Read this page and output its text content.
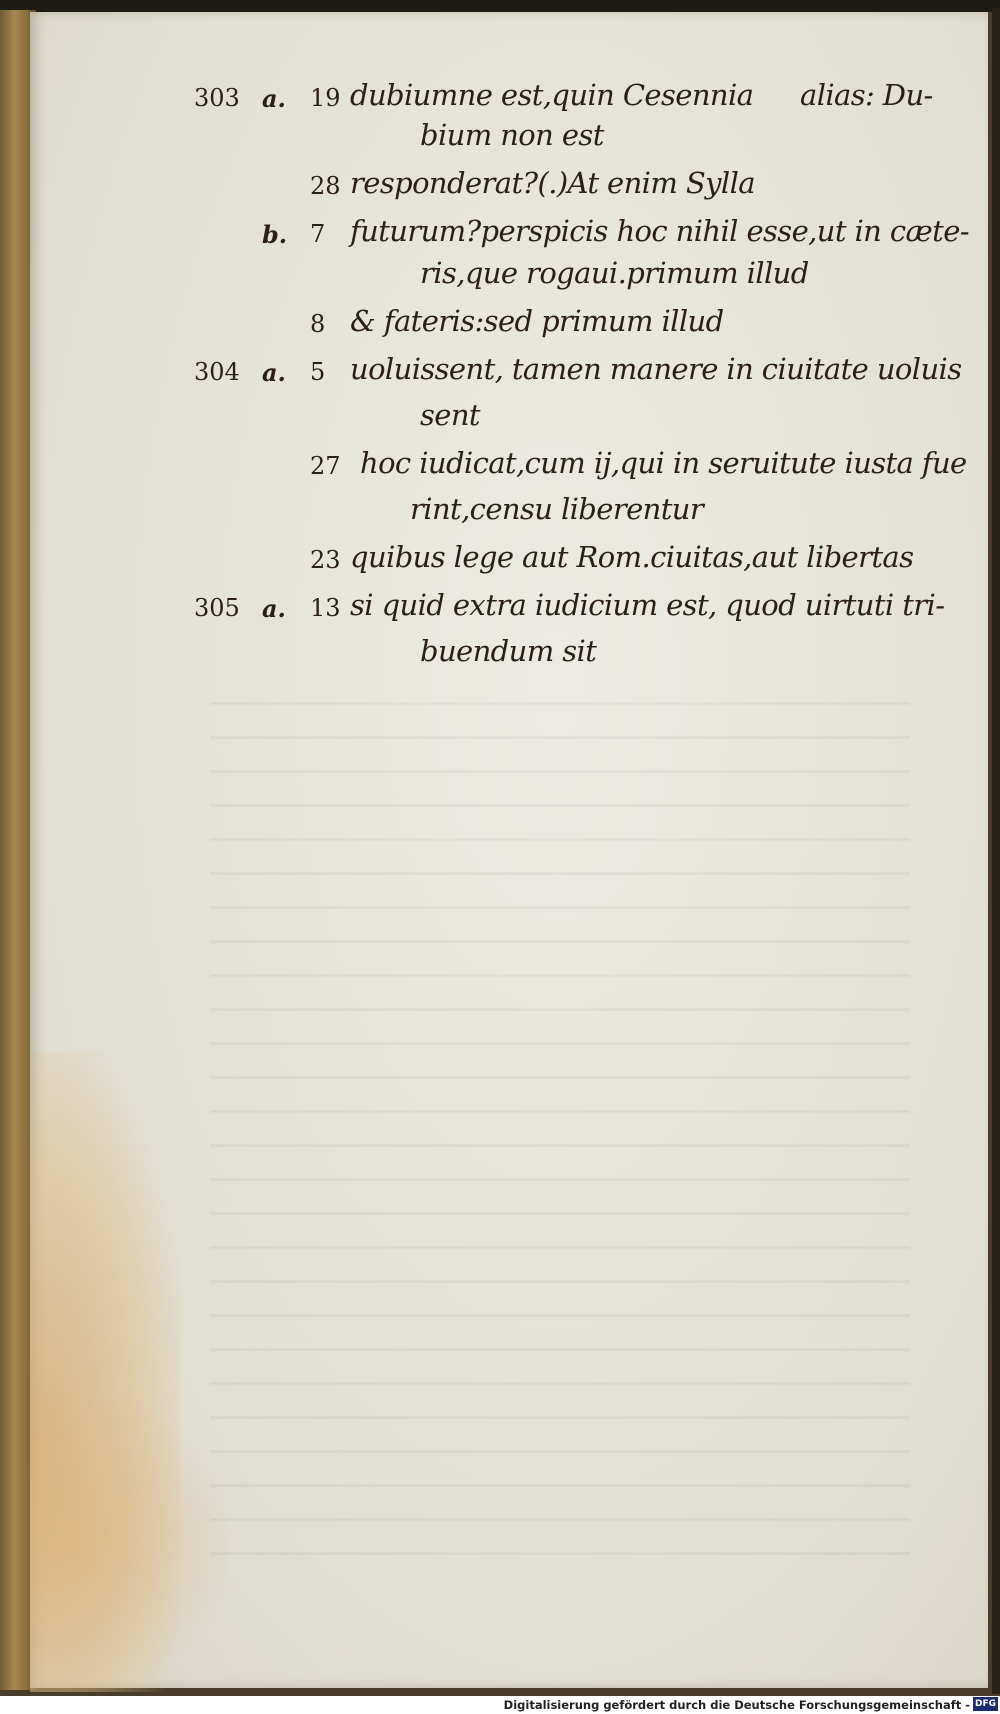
303 a. 19 dubiumne est,quin Cesennia alias: Du-
bium non est
28 responderat?(.)At enim Sylla
b. 7 futurum?perspicis hoc nihil esse,ut in cæte-
ris,que rogaui.primum illud
8 & fateris:sed primum illud
304 a. 5 uoluissent, tamen manere in ciuitate uoluis
sent
27 hoc iudicat,cum ij,qui in seruitute iusta fue
rint,censu liberentur
23 quibus lege aut Rom.ciuitas,aut libertas
305 a. 13 si quid extra iudicium est, quod uirtuti tri-
buendum sit
Digitalisierung gefördert durch die Deutsche Forschungsgemeinschaft - DFG
